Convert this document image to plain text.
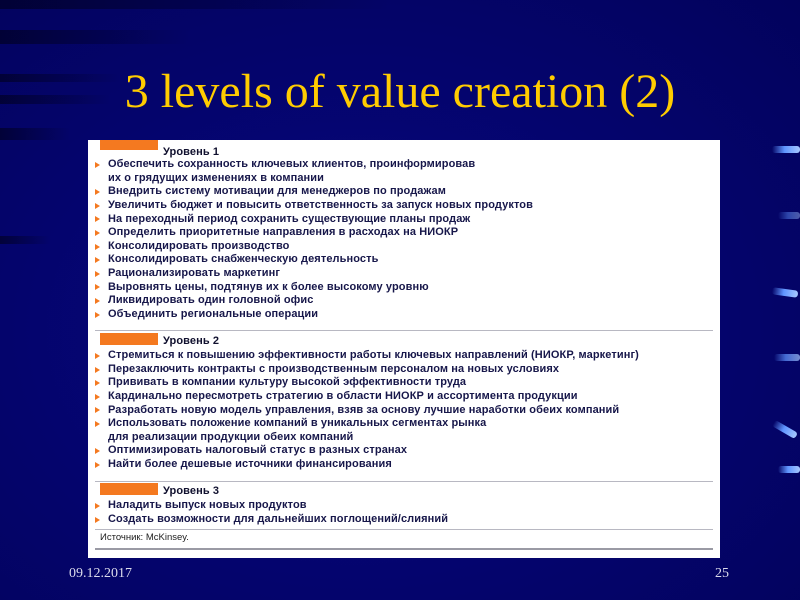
3 levels of value creation (2)
Уровень 1
Обеспечить сохранность ключевых клиентов, проинформировав
их о грядущих изменениях в компании
Внедрить систему мотивации для менеджеров по продажам
Увеличить бюджет и повысить ответственность за запуск новых продуктов
На переходный период сохранить существующие планы продаж
Определить приоритетные направления в расходах на НИОКР
Консолидировать производство
Консолидировать снабженческую деятельность
Рационализировать маркетинг
Выровнять цены, подтянув их к более высокому уровню
Ликвидировать один головной офис
Объединить региональные операции
Уровень 2
Стремиться к повышению эффективности работы ключевых направлений (НИОКР, маркетинг)
Перезаключить контракты с производственным персоналом на новых условиях
Прививать в компании культуру высокой эффективности труда
Кардинально пересмотреть стратегию в области НИОКР и ассортимента продукции
Разработать новую модель управления, взяв за основу лучшие наработки обеих компаний
Использовать положение компаний в уникальных сегментах рынка
для реализации продукции обеих компаний
Оптимизировать налоговый статус в разных странах
Найти более дешевые источники финансирования
Уровень 3
Наладить выпуск новых продуктов
Создать возможности для дальнейших поглощений/слияний
Источник: McKinsey.
09.12.2017	25
